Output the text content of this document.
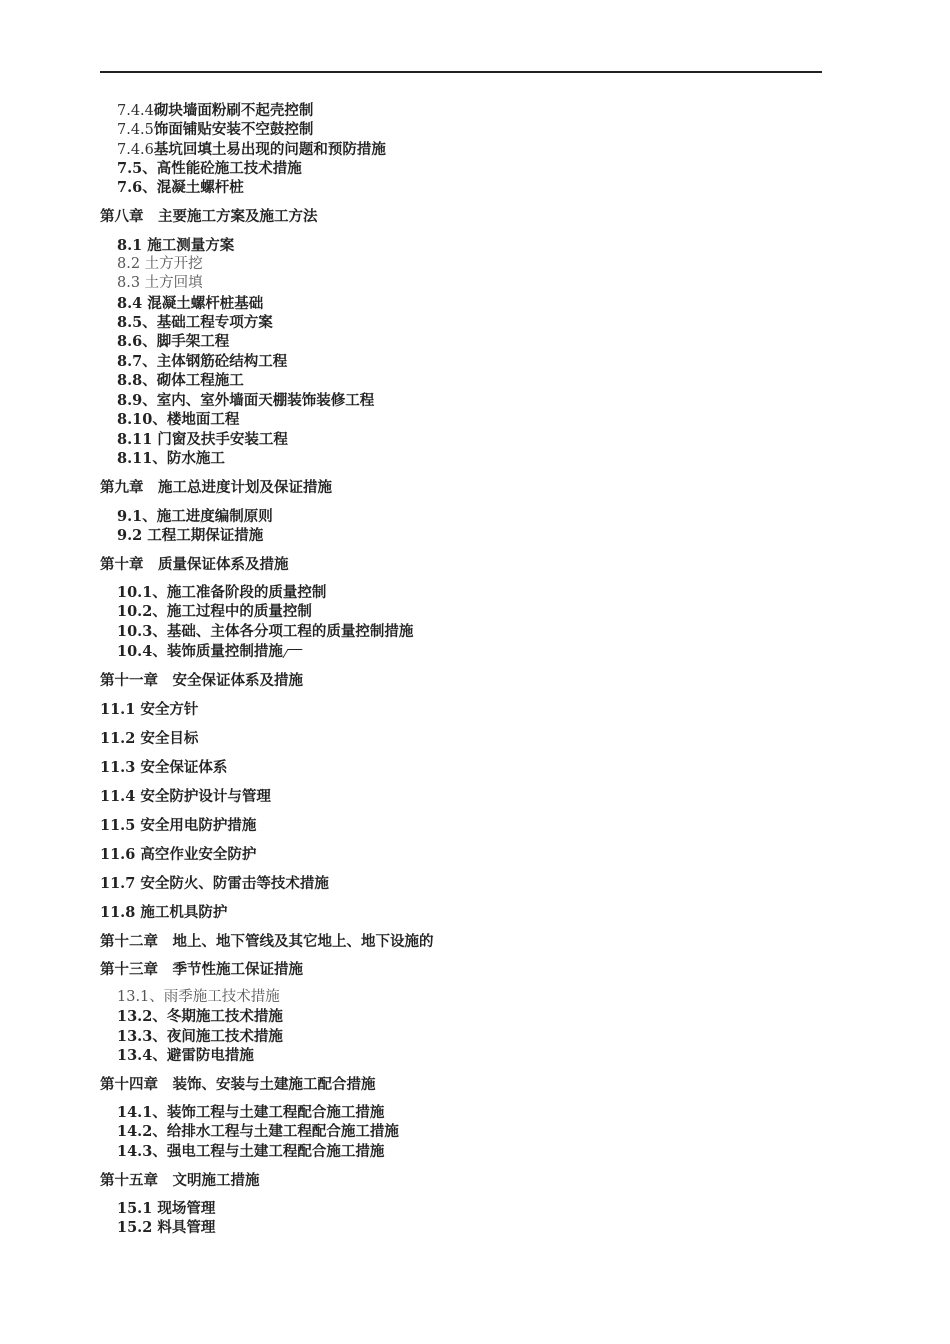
7.4.4砌块墙面粉刷不起壳控制
7.4.5饰面铺贴安装不空鼓控制
7.4.6基坑回填土易出现的问题和预防措施
7.5、高性能砼施工技术措施
7.6、混凝土螺杆桩
第八章　主要施工方案及施工方法
8.1 施工测量方案
8.2 土方开挖
8.3 土方回填
8.4 混凝土螺杆桩基础
8.5、基础工程专项方案
8.6、脚手架工程
8.7、主体钢筋砼结构工程
8.8、砌体工程施工
8.9、室内、室外墙面天棚装饰装修工程
8.10、楼地面工程
8.11 门窗及扶手安装工程
8.11、防水施工
第九章　施工总进度计划及保证措施
9.1、施工进度编制原则
9.2 工程工期保证措施
第十章　质量保证体系及措施
10.1、施工准备阶段的质量控制
10.2、施工过程中的质量控制
10.3、基础、主体各分项工程的质量控制措施
10.4、装饰质量控制措施
第十一章　安全保证体系及措施
11.1 安全方针
11.2 安全目标
11.3 安全保证体系
11.4 安全防护设计与管理
11.5 安全用电防护措施
11.6 高空作业安全防护
11.7 安全防火、防雷击等技术措施
11.8 施工机具防护
第十二章　地上、地下管线及其它地上、地下设施的
第十三章　季节性施工保证措施
13.1、雨季施工技术措施
13.2、冬期施工技术措施
13.3、夜间施工技术措施
13.4、避雷防电措施
第十四章　装饰、安装与土建施工配合措施
14.1、装饰工程与土建工程配合施工措施
14.2、给排水工程与土建工程配合施工措施
14.3、强电工程与土建工程配合施工措施
第十五章　文明施工措施
15.1 现场管理
15.2 料具管理
